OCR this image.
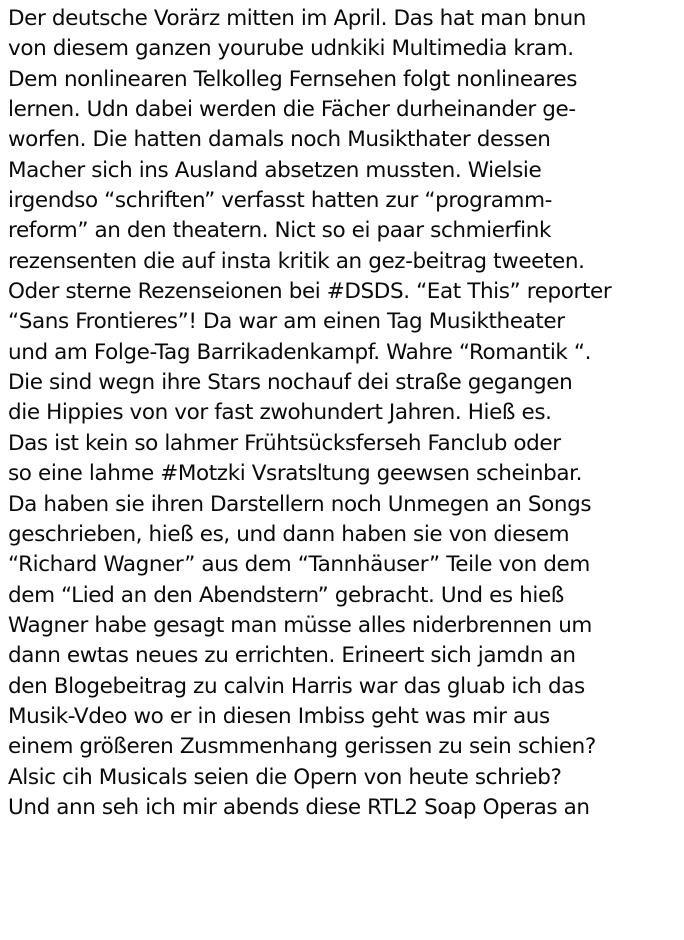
Der deutsche Vorärz mitten im April. Das hat man bnun
von diesem ganzen yourube udnkiki Multimedia kram.
Dem nonlinearen Telkolleg Fernsehen folgt nonlineares
lernen. Udn dabei werden die Fächer durheinander ge-
worfen. Die hatten damals noch Musikthater dessen
Macher sich ins Ausland absetzen mussten. Wielsie
irgendso “schriften” verfasst hatten zur “programm-
reform” an den theatern. Nict so ei paar schmierfink
rezensenten die auf insta kritik an gez-beitrag tweeten.
Oder sterne Rezenseionen bei #DSDS. “Eat This” reporter
“Sans Frontieres”! Da war am einen Tag Musiktheater
und am Folge-Tag Barrikadenkampf. Wahre “Romantik “.
Die sind wegn ihre Stars nochauf dei straße gegangen
die Hippies von vor fast zwohundert Jahren. Hieß es.
Das ist kein so lahmer Frühtsücksferseh Fanclub oder
so eine lahme #Motzki Vsratsltung geewsen scheinbar.
Da haben sie ihren Darstellern noch Unmegen an Songs
geschrieben, hieß es, und dann haben sie von diesem
“Richard Wagner” aus dem “Tannhäuser” Teile von dem
dem “Lied an den Abendstern” gebracht. Und es hieß
Wagner habe gesagt man müsse alles niderbrennen um
dann ewtas neues zu errichten. Erineert sich jamdn an
den Blogebeitrag zu calvin Harris war das gluab ich das
Musik-Vdeo wo er in diesen Imbiss geht was mir aus
einem größeren Zusmmenhang gerissen zu sein schien?
Alsic cih Musicals seien die Opern von heute schrieb?
Und ann seh ich mir abends diese RTL2 Soap Operas an
